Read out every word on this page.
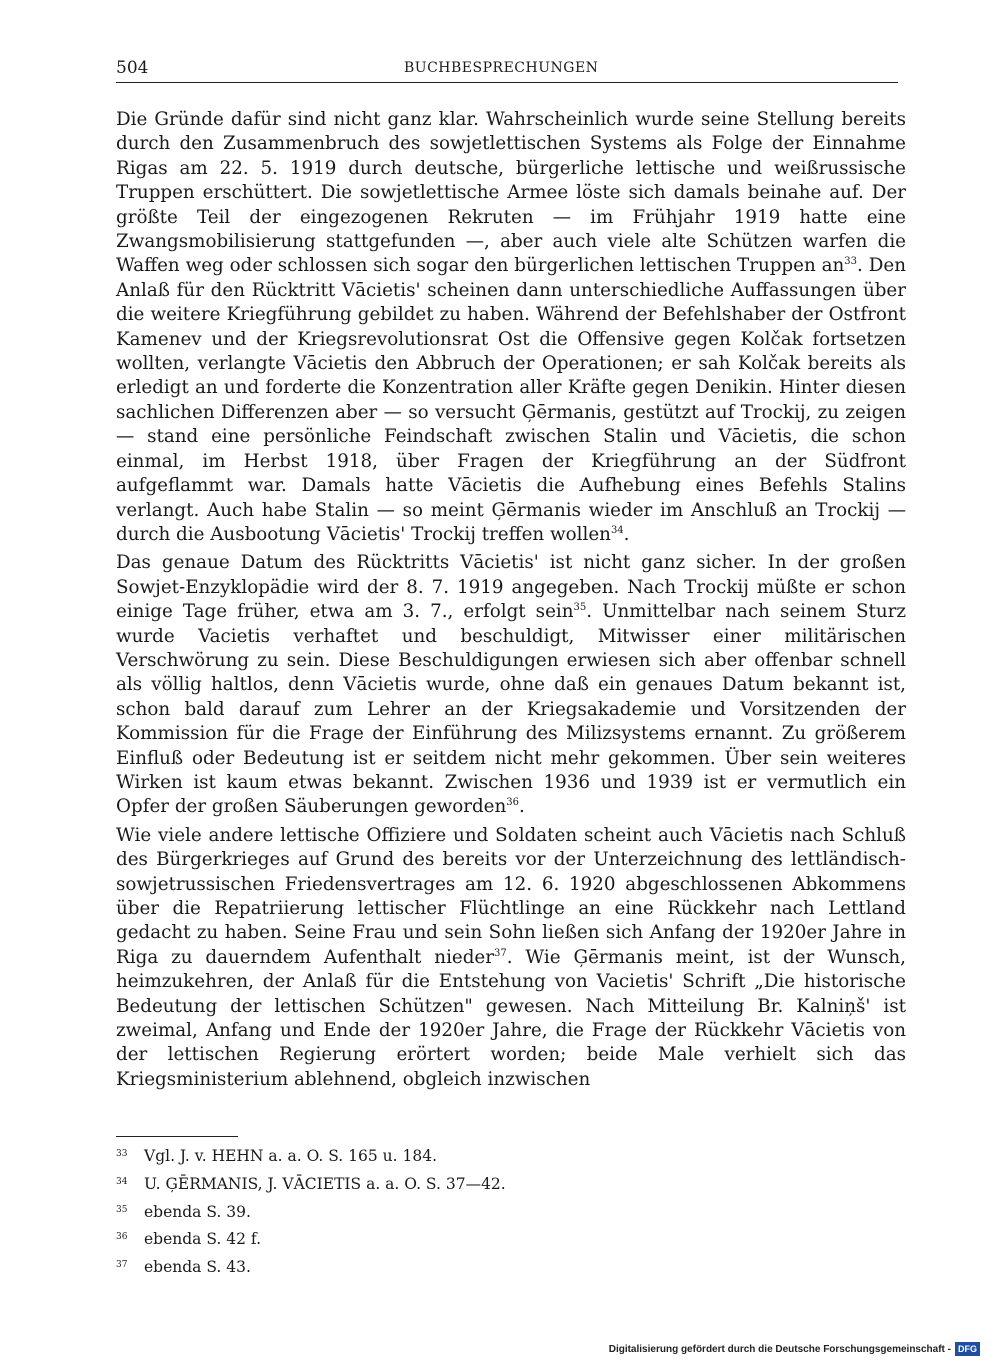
504	BUCHBESPRECHUNGEN

Die Gründe dafür sind nicht ganz klar. Wahrscheinlich wurde seine Stellung bereits durch den Zusammenbruch des sowjetlettischen Systems als Folge der Einnahme Rigas am 22. 5. 1919 durch deutsche, bürgerliche lettische und weißrussische Truppen erschüttert. Die sowjetlettische Armee löste sich damals beinahe auf. Der größte Teil der eingezogenen Rekruten — im Frühjahr 1919 hatte eine Zwangsmobilisierung stattgefunden —, aber auch viele alte Schützen warfen die Waffen weg oder schlossen sich sogar den bürgerlichen lettischen Truppen $an^{33}$. Den Anlaß für den Rücktritt Vācietis' scheinen dann unterschiedliche Auffassungen über die weitere Kriegführung gebildet zu haben. Während der Befehlshaber der Ostfront Kamenev und der Kriegsrevolutionsrat Ost die Offensive gegen Kolčak fortsetzen wollten, verlangte Vācietis den Abbruch der Operationen; er sah Kolčak bereits als erledigt an und forderte die Konzentration aller Kräfte gegen Denikin. Hinter diesen sachlichen Differenzen aber — so versucht Ģērmanis, gestützt auf Trockij, zu zeigen — stand eine persönliche Feindschaft zwischen Stalin und Vācietis, die schon einmal, im Herbst 1918, über Fragen der Kriegführung an der Südfront aufgeflammt war. Damals hatte Vācietis die Aufhebung eines Befehls Stalins verlangt. Auch habe Stalin — so meint Ģērmanis wieder im Anschluß an Trockij — durch die Ausbootung Vācietis' Trockij treffen wollen$^{34}$.

Das genaue Datum des Rücktritts Vācietis' ist nicht ganz sicher. In der großen Sowjet-Enzyklopädie wird der 8. 7. 1919 angegeben. Nach Trockij müßte er schon einige Tage früher, etwa am 3. 7., erfolgt sein$^{35}$. Unmittelbar nach seinem Sturz wurde Vacietis verhaftet und beschuldigt, Mitwisser einer militärischen Verschwörung zu sein. Diese Beschuldigungen erwiesen sich aber offenbar schnell als völlig haltlos, denn Vācietis wurde, ohne daß ein genaues Datum bekannt ist, schon bald darauf zum Lehrer an der Kriegsakademie und Vorsitzenden der Kommission für die Frage der Einführung des Milizsystems ernannt. Zu größerem Einfluß oder Bedeutung ist er seitdem nicht mehr gekommen. Über sein weiteres Wirken ist kaum etwas bekannt. Zwischen 1936 und 1939 ist er vermutlich ein Opfer der großen Säuberungen geworden$^{36}$.

Wie viele andere lettische Offiziere und Soldaten scheint auch Vācietis nach Schluß des Bürgerkrieges auf Grund des bereits vor der Unterzeichnung des lettländisch-sowjetrussischen Friedensvertrages am 12. 6. 1920 abgeschlossenen Abkommens über die Repatriierung lettischer Flüchtlinge an eine Rückkehr nach Lettland gedacht zu haben. Seine Frau und sein Sohn ließen sich Anfang der 1920er Jahre in Riga zu dauerndem Aufenthalt nieder$^{37}$. Wie Ģērmanis meint, ist der Wunsch, heimzukehren, der Anlaß für die Entstehung von Vacietis' Schrift „Die historische Bedeutung der lettischen Schützen" gewesen. Nach Mitteilung Br. Kalniņš' ist zweimal, Anfang und Ende der 1920er Jahre, die Frage der Rückkehr Vācietis von der lettischen Regierung erörtert worden; beide Male verhielt sich das Kriegsministerium ablehnend, obgleich inzwischen

33 Vgl. J. v. HEHN a. a. O. S. 165 u. 184.
34 U. ĢĒRMANIS, J. VĀCIETIS a. a. O. S. 37—42.
35 ebenda S. 39.
36 ebenda S. 42 f.
37 ebenda S. 43.
Digitalisierung gefördert durch die Deutsche Forschungsgemeinschaft - DFG
